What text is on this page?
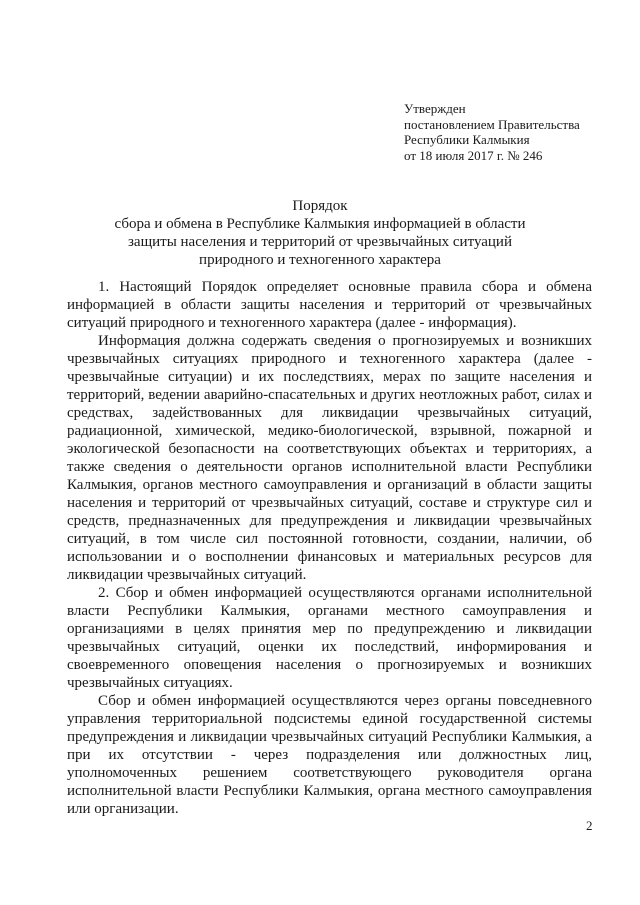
Утвержден
постановлением Правительства
Республики Калмыкия
от 18 июля 2017 г. № 246
Порядок
сбора и обмена в Республике Калмыкия информацией в области
защиты населения и территорий от чрезвычайных ситуаций
природного и техногенного характера

1. Настоящий Порядок определяет основные правила сбора и обмена информацией в области защиты населения и территорий от чрезвычайных ситуаций природного и техногенного характера (далее - информация).

Информация должна содержать сведения о прогнозируемых и возникших чрезвычайных ситуациях природного и техногенного характера (далее - чрезвычайные ситуации) и их последствиях, мерах по защите населения и территорий, ведении аварийно-спасательных и других неотложных работ, силах и средствах, задействованных для ликвидации чрезвычайных ситуаций, радиационной, химической, медико-биологической, взрывной, пожарной и экологической безопасности на соответствующих объектах и территориях, а также сведения о деятельности органов исполнительной власти Республики Калмыкия, органов местного самоуправления и организаций в области защиты населения и территорий от чрезвычайных ситуаций, составе и структуре сил и средств, предназначенных для предупреждения и ликвидации чрезвычайных ситуаций, в том числе сил постоянной готовности, создании, наличии, об использовании и о восполнении финансовых и материальных ресурсов для ликвидации чрезвычайных ситуаций.

2. Сбор и обмен информацией осуществляются органами исполнительной власти Республики Калмыкия, органами местного самоуправления и организациями в целях принятия мер по предупреждению и ликвидации чрезвычайных ситуаций, оценки их последствий, информирования и своевременного оповещения населения о прогнозируемых и возникших чрезвычайных ситуациях.

Сбор и обмен информацией осуществляются через органы повседневного управления территориальной подсистемы единой государственной системы предупреждения и ликвидации чрезвычайных ситуаций Республики Калмыкия, а при их отсутствии - через подразделения или должностных лиц, уполномоченных решением соответствующего руководителя органа исполнительной власти Республики Калмыкия, органа местного самоуправления или организации.

2
